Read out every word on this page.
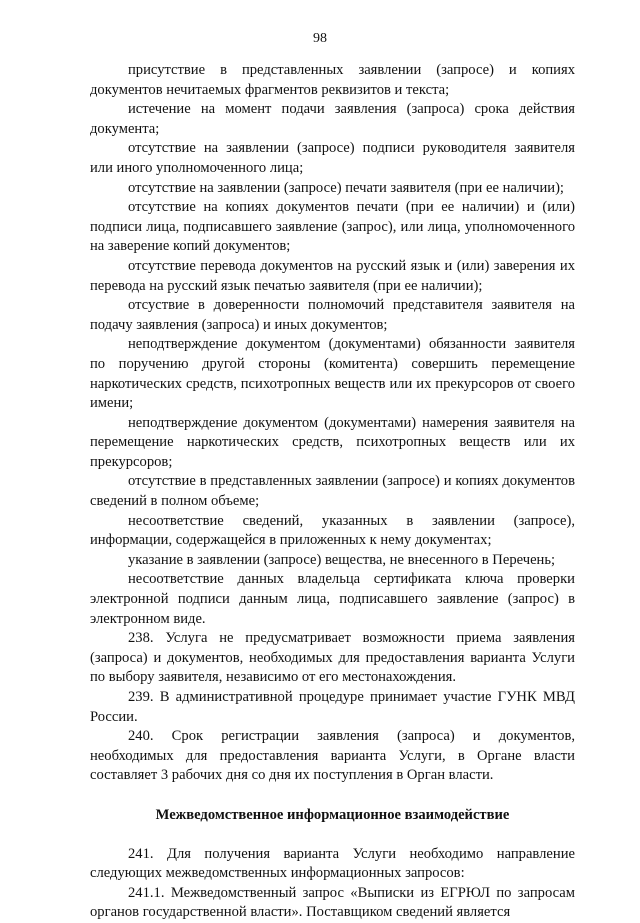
98

присутствие в представленных заявлении (запросе) и копиях документов нечитаемых фрагментов реквизитов и текста;

истечение на момент подачи заявления (запроса) срока действия документа;

отсутствие на заявлении (запросе) подписи руководителя заявителя или иного уполномоченного лица;

отсутствие на заявлении (запросе) печати заявителя (при ее наличии);

отсутствие на копиях документов печати (при ее наличии) и (или) подписи лица, подписавшего заявление (запрос), или лица, уполномоченного на заверение копий документов;

отсутствие перевода документов на русский язык и (или) заверения их перевода на русский язык печатью заявителя (при ее наличии);

отсуствие в доверенности полномочий представителя заявителя на подачу заявления (запроса) и иных документов;

неподтверждение документом (документами) обязанности заявителя по поручению другой стороны (комитента) совершить перемещение наркотических средств, психотропных веществ или их прекурсоров от своего имени;

неподтверждение документом (документами) намерения заявителя на перемещение наркотических средств, психотропных веществ или их прекурсоров;

отсутствие в представленных заявлении (запросе) и копиях документов сведений в полном объеме;

несоответствие сведений, указанных в заявлении (запросе), информации, содержащейся в приложенных к нему документах;

указание в заявлении (запросе) вещества, не внесенного в Перечень;

несоответствие данных владельца сертификата ключа проверки электронной подписи данным лица, подписавшего заявление (запрос) в электронном виде.

238. Услуга не предусматривает возможности приема заявления (запроса) и документов, необходимых для предоставления варианта Услуги по выбору заявителя, независимо от его местонахождения.

239. В административной процедуре принимает участие ГУНК МВД России.

240. Срок регистрации заявления (запроса) и документов, необходимых для предоставления варианта Услуги, в Органе власти составляет 3 рабочих дня со дня их поступления в Орган власти.

Межведомственное информационное взаимодействие

241. Для получения варианта Услуги необходимо направление следующих межведомственных информационных запросов:

241.1. Межведомственный запрос «Выписки из ЕГРЮЛ по запросам органов государственной власти». Поставщиком сведений является
